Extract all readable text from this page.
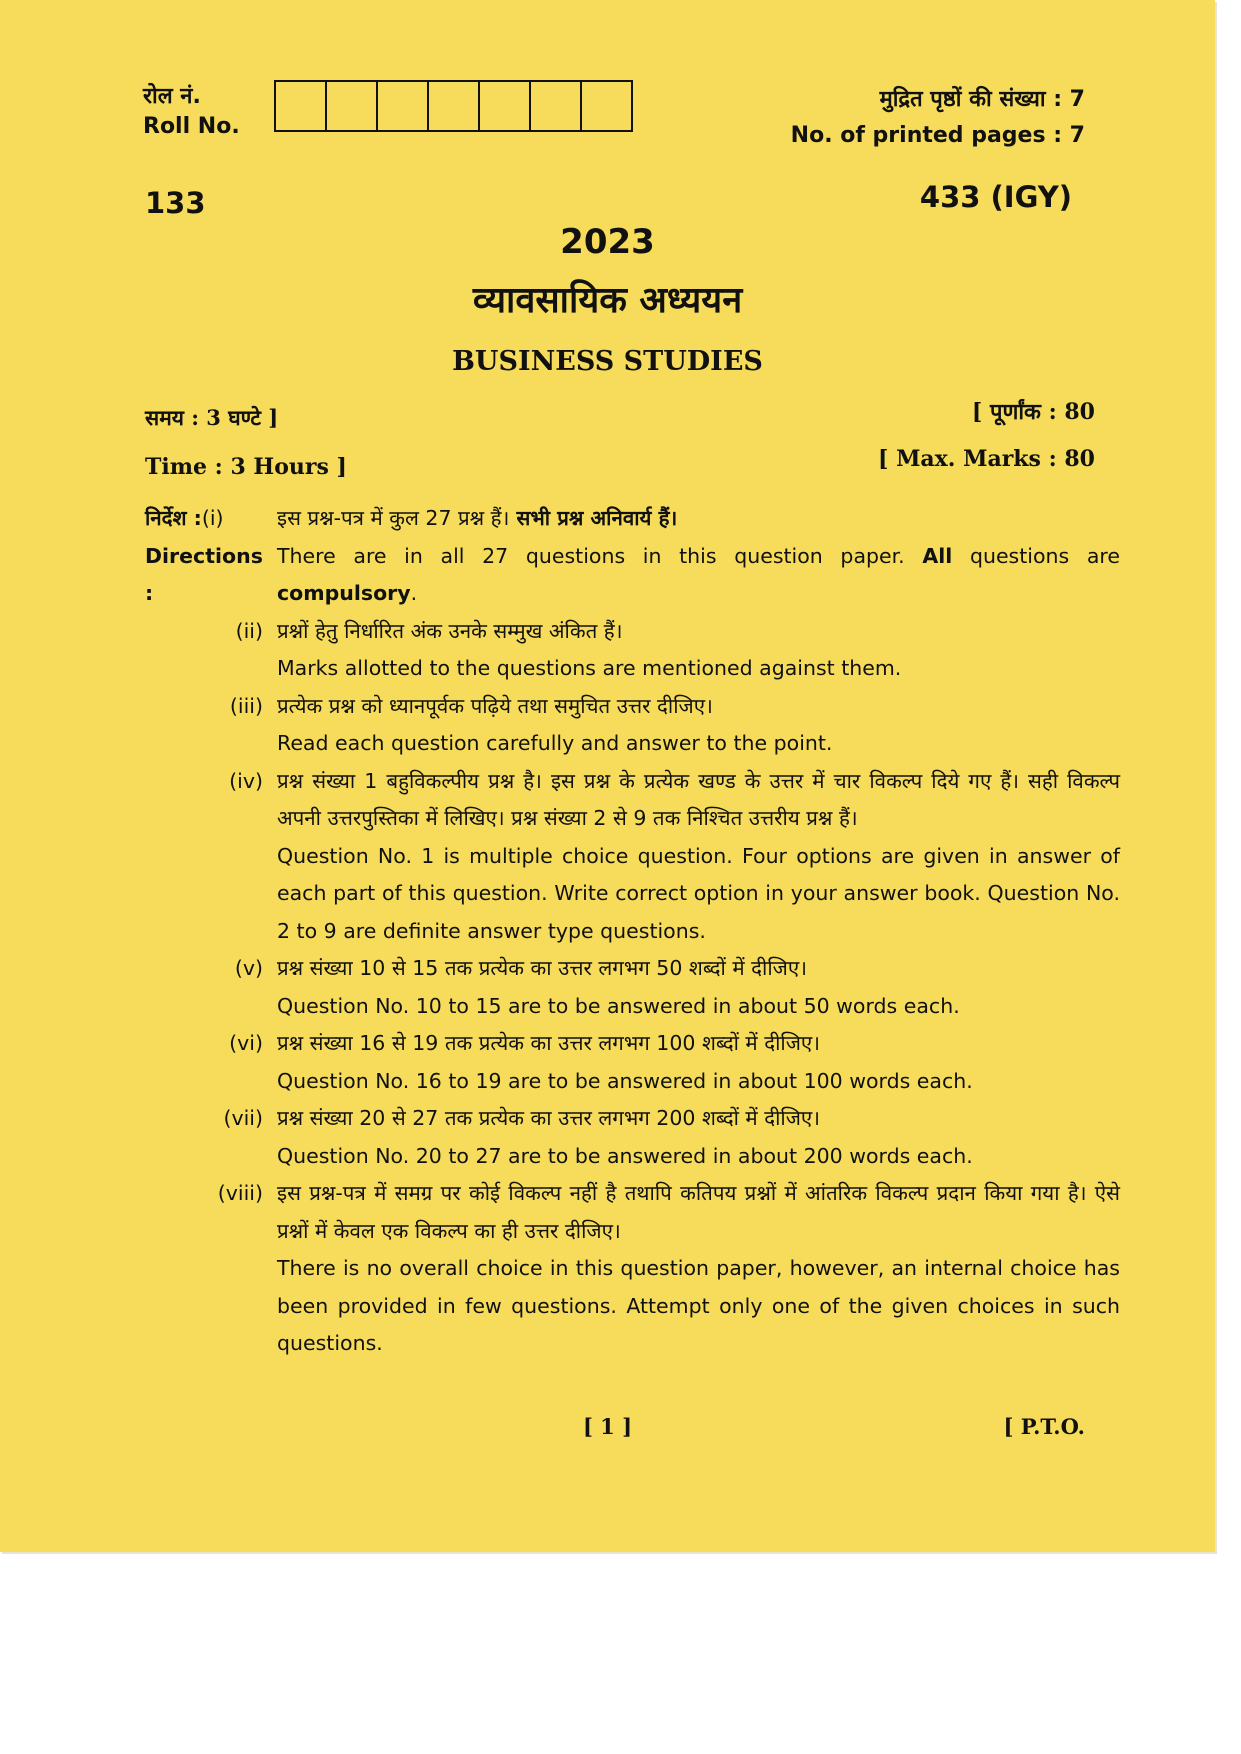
रोल नं.
Roll No.
मुद्रित पृष्ठों की संख्या : 7
No. of printed pages : 7
133	433 (IGY)
2023
व्यावसायिक अध्ययन
BUSINESS STUDIES
समय : 3 घण्टे ]
Time : 3 Hours ]
[ पूर्णांक : 80
[ Max. Marks : 80
निर्देश :(i)	इस प्रश्न-पत्र में कुल 27 प्रश्न हैं। सभी प्रश्न अनिवार्य हैं।
Directions :
There are in all 27 questions in this question paper. All questions are compulsory.
(ii) प्रश्नों हेतु निर्धारित अंक उनके सम्मुख अंकित हैं।
Marks allotted to the questions are mentioned against them.
(iii) प्रत्येक प्रश्न को ध्यानपूर्वक पढ़िये तथा समुचित उत्तर दीजिए।
Read each question carefully and answer to the point.
(iv) प्रश्न संख्या 1 बहुविकल्पीय प्रश्न है। इस प्रश्न के प्रत्येक खण्ड के उत्तर में चार विकल्प दिये गए हैं। सही विकल्प अपनी उत्तरपुस्तिका में लिखिए। प्रश्न संख्या 2 से 9 तक निश्चित उत्तरीय प्रश्न हैं।
Question No. 1 is multiple choice question. Four options are given in answer of each part of this question. Write correct option in your answer book. Question No. 2 to 9 are definite answer type questions.
(v) प्रश्न संख्या 10 से 15 तक प्रत्येक का उत्तर लगभग 50 शब्दों में दीजिए।
Question No. 10 to 15 are to be answered in about 50 words each.
(vi) प्रश्न संख्या 16 से 19 तक प्रत्येक का उत्तर लगभग 100 शब्दों में दीजिए।
Question No. 16 to 19 are to be answered in about 100 words each.
(vii) प्रश्न संख्या 20 से 27 तक प्रत्येक का उत्तर लगभग 200 शब्दों में दीजिए।
Question No. 20 to 27 are to be answered in about 200 words each.
(viii) इस प्रश्न-पत्र में समग्र पर कोई विकल्प नहीं है तथापि कतिपय प्रश्नों में आंतरिक विकल्प प्रदान किया गया है। ऐसे प्रश्नों में केवल एक विकल्प का ही उत्तर दीजिए।
There is no overall choice in this question paper, however, an internal choice has been provided in few questions. Attempt only one of the given choices in such questions.
[ 1 ]	[ P.T.O.
